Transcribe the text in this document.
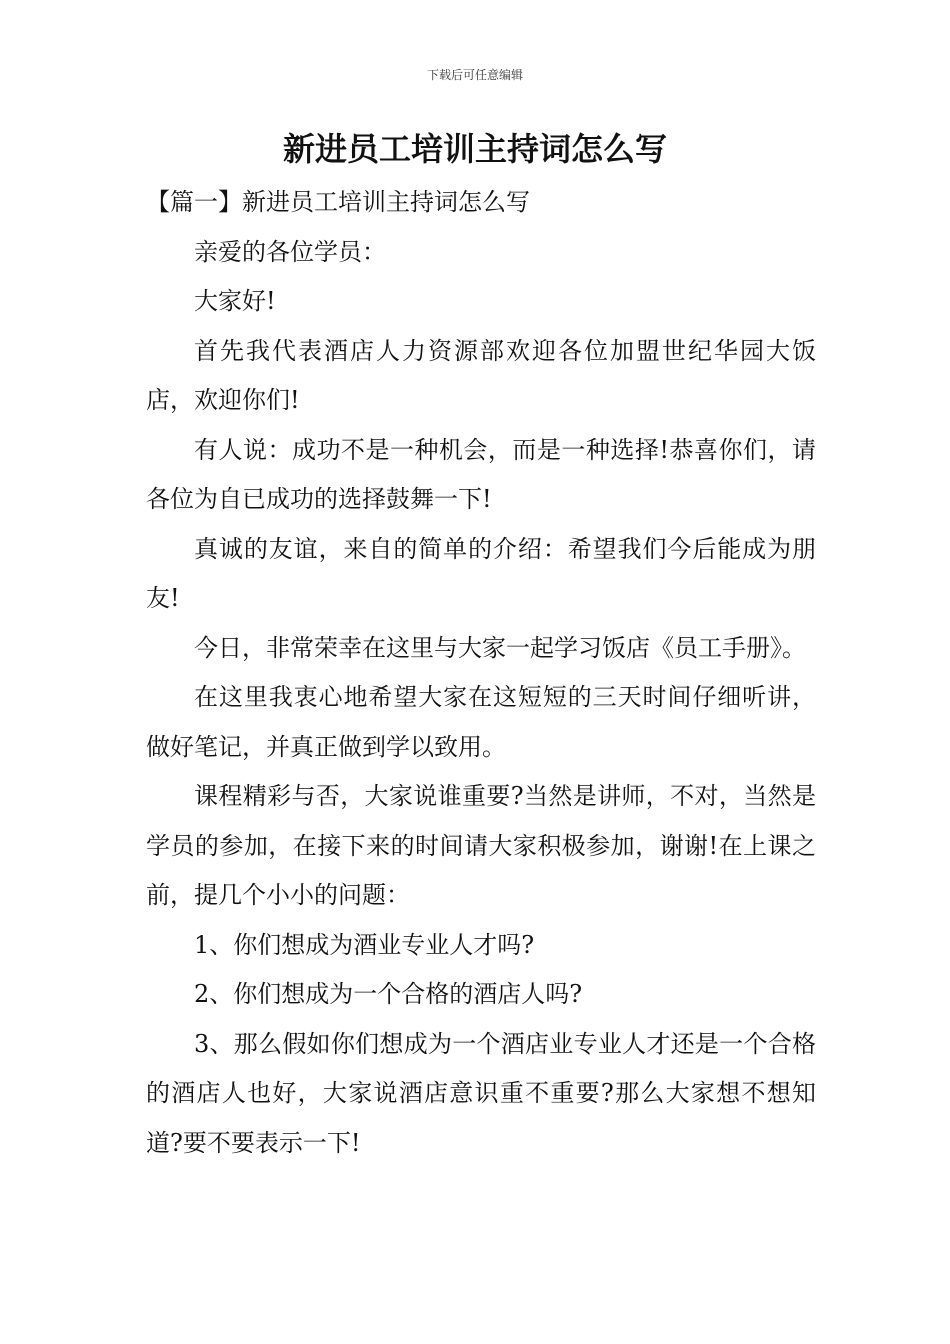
下载后可任意编辑
新进员工培训主持词怎么写

【篇一】新进员工培训主持词怎么写

亲爱的各位学员：

大家好!

首先我代表酒店人力资源部欢迎各位加盟世纪华园大饭店，欢迎你们!

有人说：成功不是一种机会，而是一种选择!恭喜你们，请各位为自已成功的选择鼓舞一下!

真诚的友谊，来自的简单的介绍：希望我们今后能成为朋友!

今日，非常荣幸在这里与大家一起学习饭店《员工手册》。

在这里我衷心地希望大家在这短短的三天时间仔细听讲，做好笔记，并真正做到学以致用。

课程精彩与否，大家说谁重要?当然是讲师，不对，当然是学员的参加，在接下来的时间请大家积极参加，谢谢!在上课之前，提几个小小的问题：

1、你们想成为酒业专业人才吗?

2、你们想成为一个合格的酒店人吗?

3、那么假如你们想成为一个酒店业专业人才还是一个合格的酒店人也好，大家说酒店意识重不重要?那么大家想不想知道?要不要表示一下!
